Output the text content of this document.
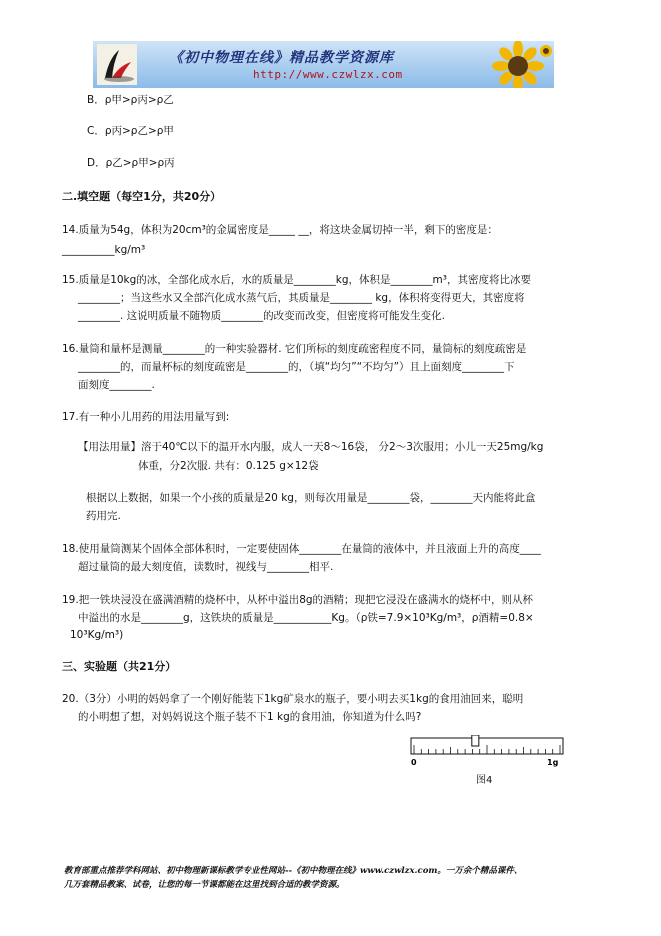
《初中物理在线》精品教学资源库
http://www.czwlzx.com
B．ρ甲>ρ丙>ρ乙
C．ρ丙>ρ乙>ρ甲
D．ρ乙>ρ甲>ρ丙
二.填空题（每空1分，共20分）
14.质量为54g，体积为20cm³的金属密度是_____ __，将这块金属切掉一半，剩下的密度是：
__________kg/m³
15.质量是10kg的冰，全部化成水后，水的质量是________kg，体积是________m³，其密度将比冰要
________；当这些水又全部汽化成水蒸气后，其质量是________ kg，体积将变得更大，其密度将
________. 这说明质量不随物质________的改变而改变，但密度将可能发生变化.
16.量筒和量杯是测量________的一种实验器材. 它们所标的刻度疏密程度不同，量筒标的刻度疏密是
________的，而量杯标的刻度疏密是________的，（填“均匀”“不均匀”）且上面刻度________下
面刻度________.
17.有一种小儿用药的用法用量写到:
【用法用量】溶于40℃以下的温开水内服，成人一天8～16袋， 分2～3次服用；小儿一天25mg/kg
体重，分2次服. 共有：0.125 g×12袋
根据以上数据，如果一个小孩的质量是20 kg，则每次用量是________袋，________天内能将此盒
药用完.
18.使用量筒测某个固体全部体积时，一定要使固体________在量筒的液体中，并且液面上升的高度____
超过量筒的最大刻度值，读数时，视线与________相平.
19.把一铁块浸没在盛满酒精的烧杯中，从杯中溢出8g的酒精；现把它浸没在盛满水的烧杯中，则从杯
中溢出的水是________g，这铁块的质量是___________Kg。（ρ铁=7.9×10³Kg/m³，ρ酒精=0.8×
10³Kg/m³)
三、实验题（共21分）
20.（3分）小明的妈妈拿了一个刚好能装下1kg矿泉水的瓶子，要小明去买1kg的食用油回来，聪明
的小明想了想，对妈妈说这个瓶子装不下1 kg的食用油，你知道为什么吗?
0	1g
图4
教育部重点推荐学科网站、初中物理新课标教学专业性网站--《初中物理在线》www.czwlzx.com。一万余个精品课件、
几万套精品教案、试卷，让您的每一节课都能在这里找到合适的教学资源。
